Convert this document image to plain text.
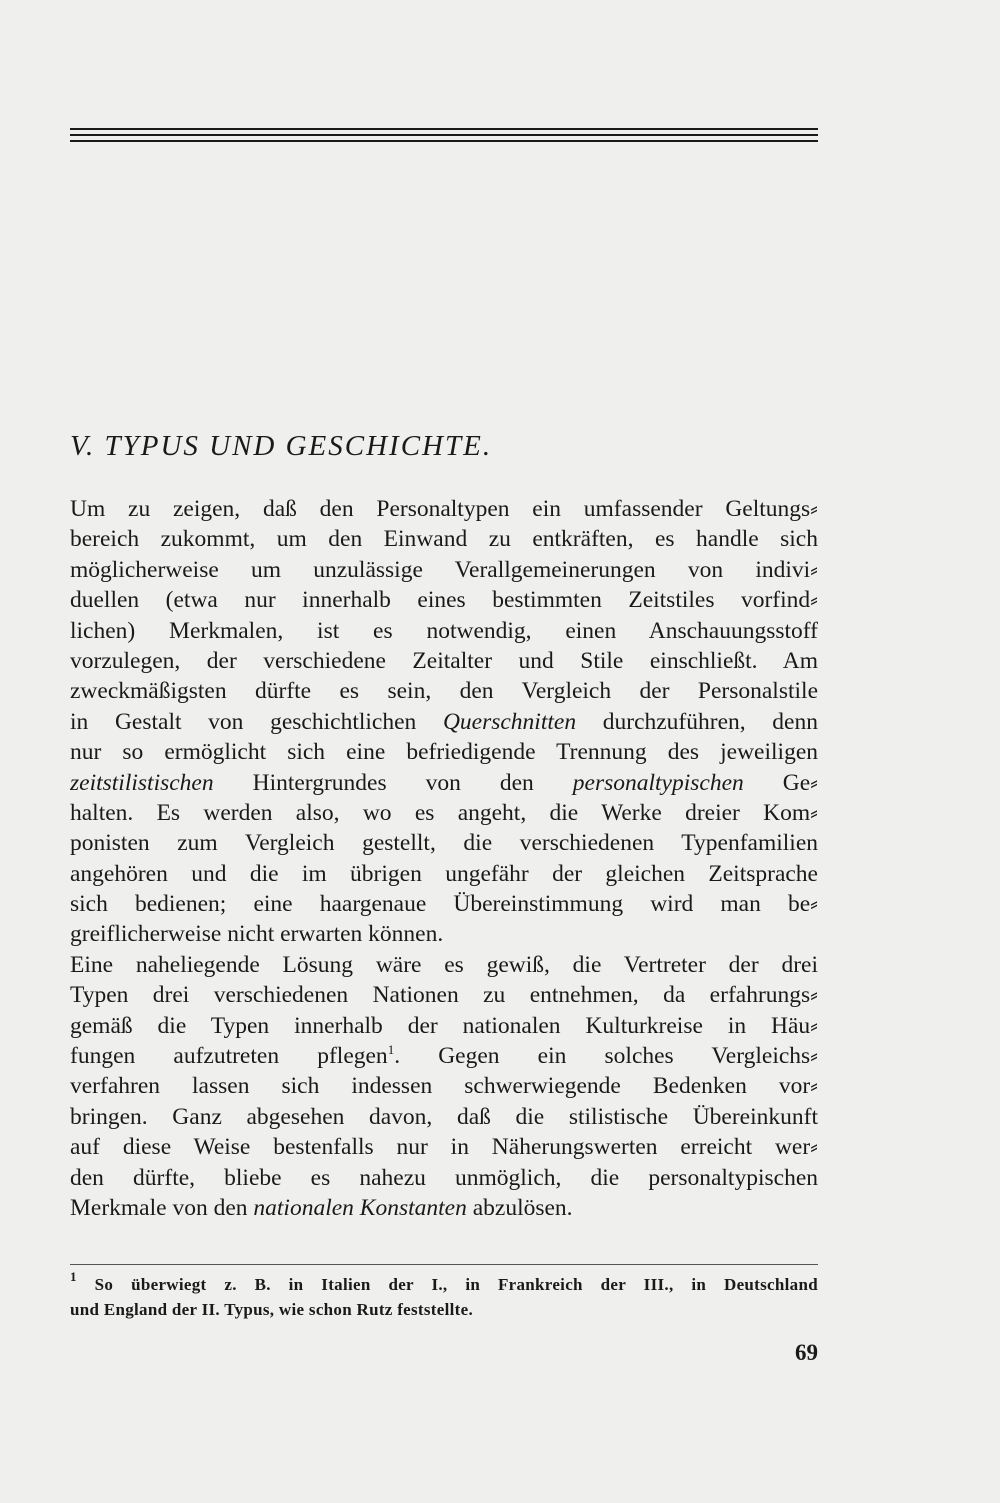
V. TYPUS UND GESCHICHTE.
Um zu zeigen, daß den Personaltypen ein umfassender Geltungs⸗
bereich zukommt, um den Einwand zu entkräften, es handle sich
möglicherweise um unzulässige Verallgemeinerungen von indivi⸗
duellen (etwa nur innerhalb eines bestimmten Zeitstiles vorfind⸗
lichen) Merkmalen, ist es notwendig, einen Anschauungsstoff
vorzulegen, der verschiedene Zeitalter und Stile einschließt. Am
zweckmäßigsten dürfte es sein, den Vergleich der Personalstile
in Gestalt von geschichtlichen Querschnitten durchzuführen, denn
nur so ermöglicht sich eine befriedigende Trennung des jeweiligen
zeitstilistischen Hintergrundes von den personaltypischen Ge⸗
halten. Es werden also, wo es angeht, die Werke dreier Kom⸗
ponisten zum Vergleich gestellt, die verschiedenen Typenfamilien
angehören und die im übrigen ungefähr der gleichen Zeitsprache
sich bedienen; eine haargenaue Übereinstimmung wird man be⸗
greiflicherweise nicht erwarten können.
Eine naheliegende Lösung wäre es gewiß, die Vertreter der drei
Typen drei verschiedenen Nationen zu entnehmen, da erfahrungs⸗
gemäß die Typen innerhalb der nationalen Kulturkreise in Häu⸗
fungen aufzutreten pflegen$^1$. Gegen ein solches Vergleichs⸗
verfahren lassen sich indessen schwerwiegende Bedenken vor⸗
bringen. Ganz abgesehen davon, daß die stilistische Übereinkunft
auf diese Weise bestenfalls nur in Näherungswerten erreicht wer⸗
den dürfte, bliebe es nahezu unmöglich, die personaltypischen
Merkmale von den nationalen Konstanten abzulösen.
$^1$ So überwiegt z. B. in Italien der I., in Frankreich der III., in Deutschland
und England der II. Typus, wie schon Rutz feststellte.
69
